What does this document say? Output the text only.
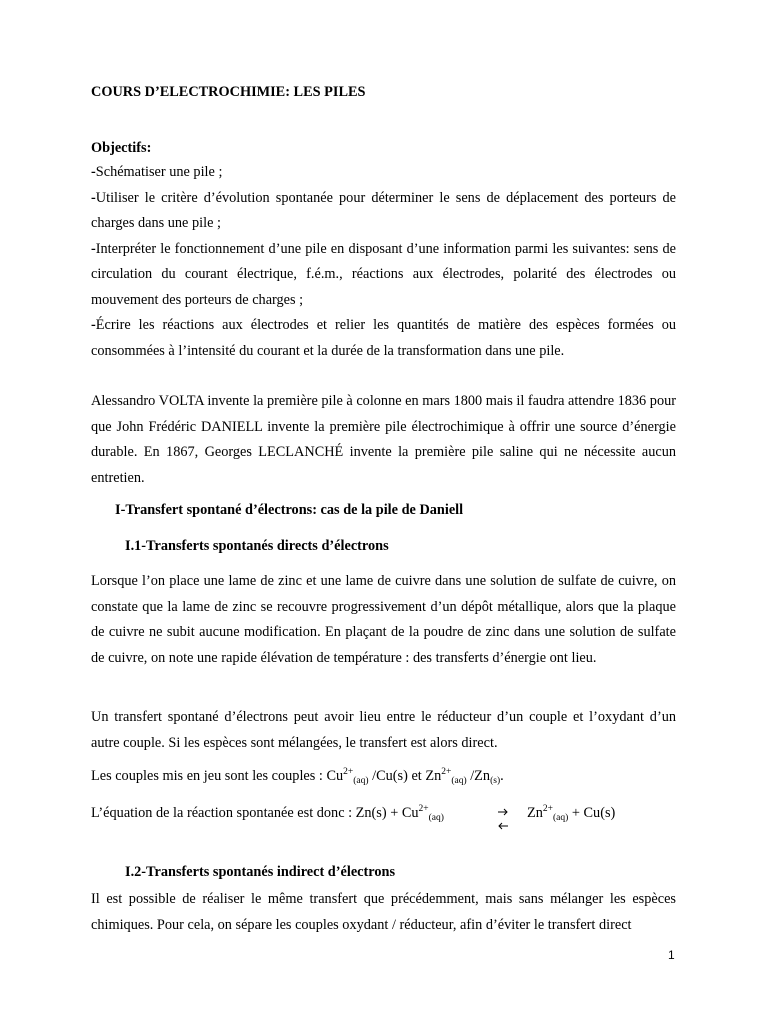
COURS D’ELECTROCHIMIE: LES PILES
Objectifs:
-Schématiser une pile ;
-Utiliser le critère d’évolution spontanée pour déterminer le sens de déplacement des porteurs de charges dans une pile ;
-Interpréter le fonctionnement d’une pile en disposant d’une information parmi les suivantes: sens de circulation du courant électrique, f.é.m., réactions aux électrodes, polarité des électrodes ou mouvement des porteurs de charges ;
-Écrire les réactions aux électrodes et relier les quantités de matière des espèces formées ou consommées à l’intensité du courant et la durée de la transformation dans une pile.
Alessandro VOLTA invente la première pile à colonne en mars 1800 mais il faudra attendre 1836 pour que John Frédéric DANIELL invente la première pile électrochimique à offrir une source d’énergie durable. En 1867, Georges LECLANCHÉ invente la première pile saline qui ne nécessite aucun entretien.
I-Transfert spontané d’électrons: cas de la pile de Daniell
I.1-Transferts spontanés directs d’électrons
Lorsque l’on place une lame de zinc et une lame de cuivre dans une solution de sulfate de cuivre, on constate que la lame de zinc se recouvre progressivement d’un dépôt métallique, alors que la plaque de cuivre ne subit aucune modification. En plaçant de la poudre de zinc dans une solution de sulfate de cuivre, on note une rapide élévation de température : des transferts d’énergie ont lieu.
Un transfert spontané d’électrons peut avoir lieu entre le réducteur d’un couple et l’oxydant d’un autre couple. Si les espèces sont mélangées, le transfert est alors direct.
Les couples mis en jeu sont les couples : $Cu^{2+}_{(aq)}$ /Cu(s) et $Zn^{2+}_{(aq)}$ $/Zn_{(s)}$.
L’équation de la réaction spontanée est donc : $Zn(s) + Cu^{2+}_{(aq)}$	⇌ $Zn^{2+}_{(aq)} + Cu(s)$
I.2-Transferts spontanés indirect d’électrons
Il est possible de réaliser le même transfert que précédemment, mais sans mélanger les espèces chimiques. Pour cela, on sépare les couples oxydant / réducteur, afin d’éviter le transfert direct
1
